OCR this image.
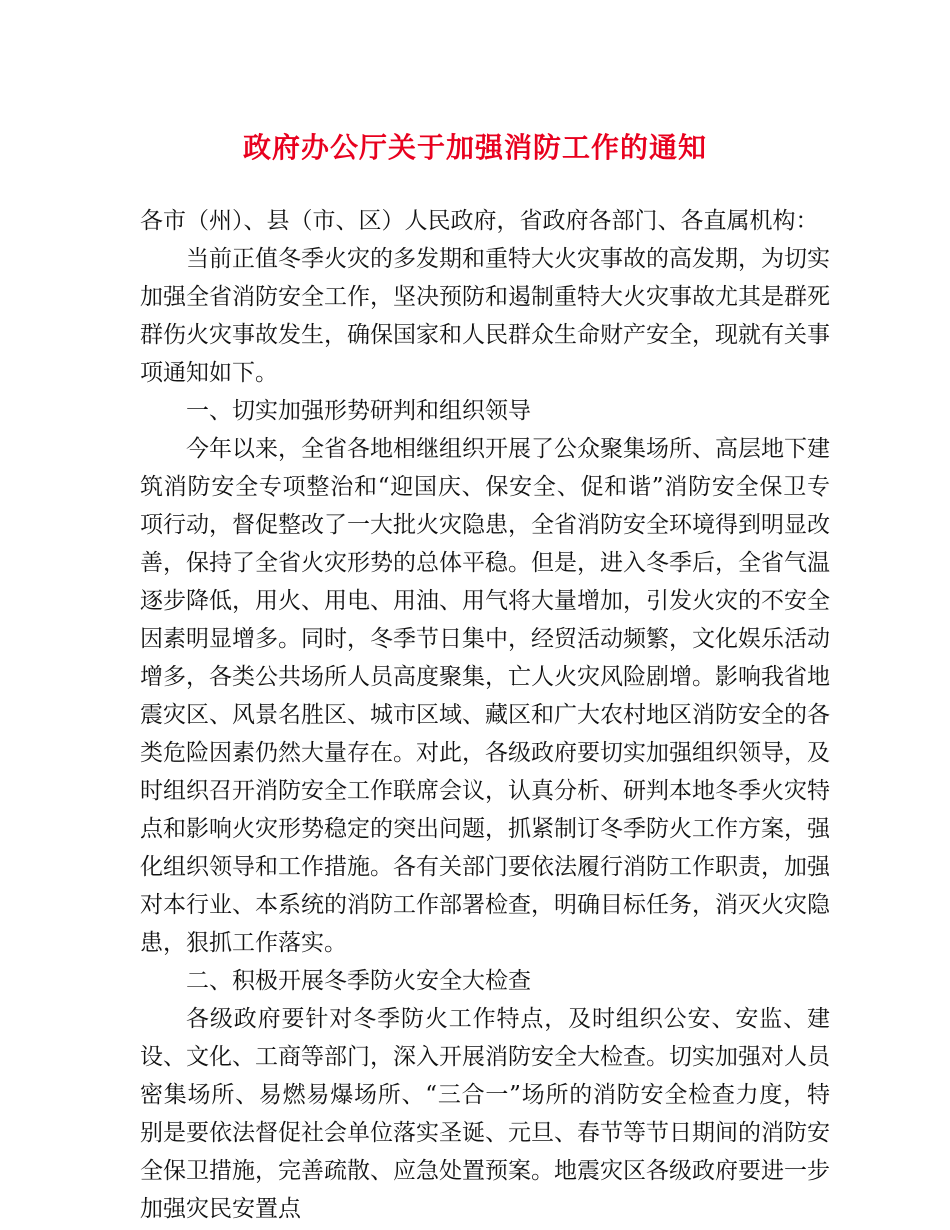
政府办公厅关于加强消防工作的通知

各市（州）、县（市、区）人民政府，省政府各部门、各直属机构：

当前正值冬季火灾的多发期和重特大火灾事故的高发期，为切实加强全省消防安全工作，坚决预防和遏制重特大火灾事故尤其是群死群伤火灾事故发生，确保国家和人民群众生命财产安全，现就有关事项通知如下。

一、切实加强形势研判和组织领导

今年以来，全省各地相继组织开展了公众聚集场所、高层地下建筑消防安全专项整治和“迎国庆、保安全、促和谐”消防安全保卫专项行动，督促整改了一大批火灾隐患，全省消防安全环境得到明显改善，保持了全省火灾形势的总体平稳。但是，进入冬季后，全省气温逐步降低，用火、用电、用油、用气将大量增加，引发火灾的不安全因素明显增多。同时，冬季节日集中，经贸活动频繁，文化娱乐活动增多，各类公共场所人员高度聚集，亡人火灾风险剧增。影响我省地震灾区、风景名胜区、城市区域、藏区和广大农村地区消防安全的各类危险因素仍然大量存在。对此，各级政府要切实加强组织领导，及时组织召开消防安全工作联席会议，认真分析、研判本地冬季火灾特点和影响火灾形势稳定的突出问题，抓紧制订冬季防火工作方案，强化组织领导和工作措施。各有关部门要依法履行消防工作职责，加强对本行业、本系统的消防工作部署检查，明确目标任务，消灭火灾隐患，狠抓工作落实。

二、积极开展冬季防火安全大检查

各级政府要针对冬季防火工作特点，及时组织公安、安监、建设、文化、工商等部门，深入开展消防安全大检查。切实加强对人员密集场所、易燃易爆场所、“三合一”场所的消防安全检查力度，特别是要依法督促社会单位落实圣诞、元旦、春节等节日期间的消防安全保卫措施，完善疏散、应急处置预案。地震灾区各级政府要进一步加强灾民安置点
